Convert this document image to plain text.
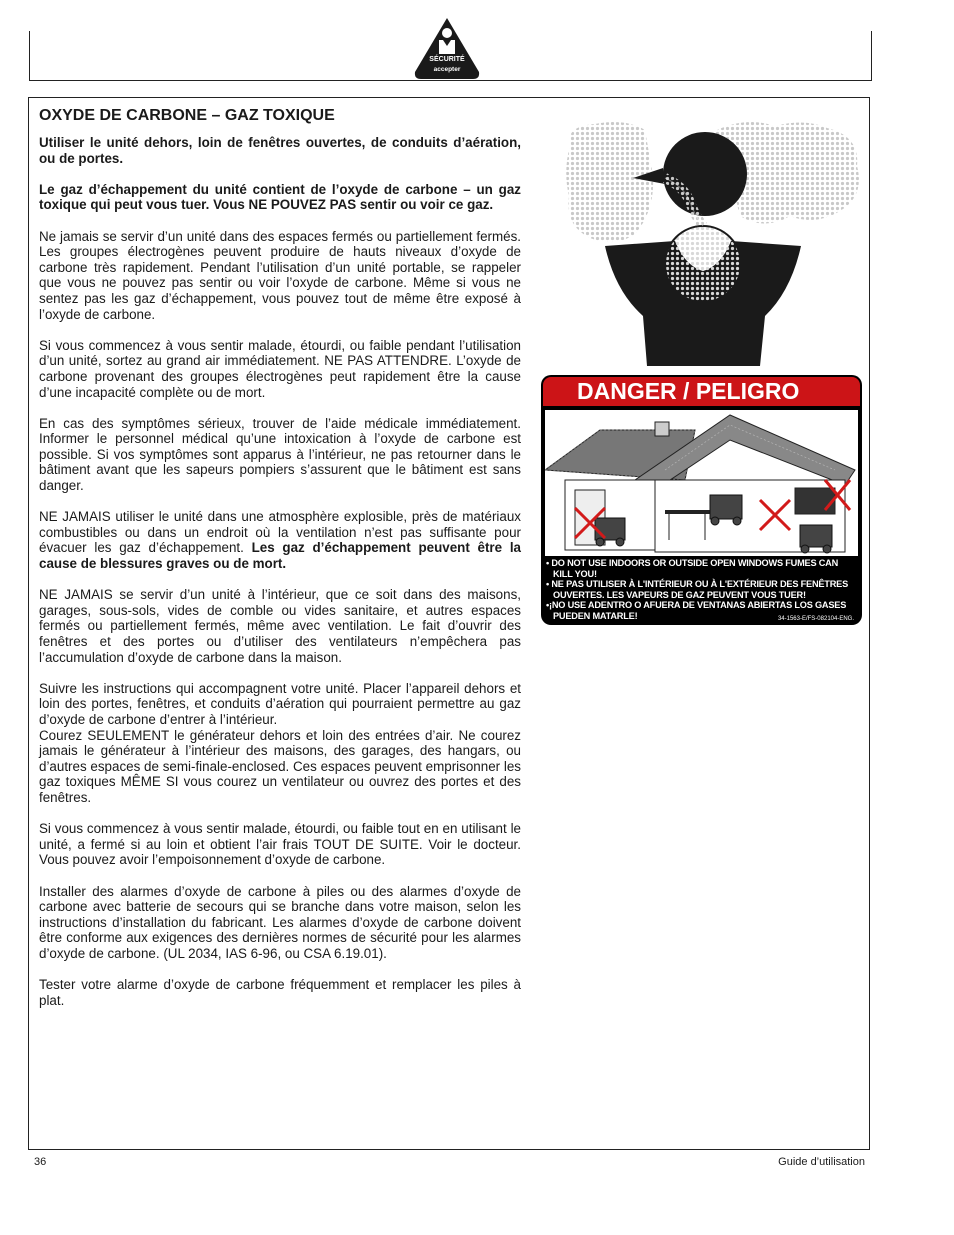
SÉCURITÉ
accepter
OXYDE DE CARBONE – GAZ TOXIQUE

Utiliser le unité dehors, loin de fenêtres ouvertes, de conduits d’aération, ou de portes.

Le gaz d’échappement du unité contient de l’oxyde de carbone – un gaz toxique qui peut vous tuer. Vous NE POUVEZ PAS sentir ou voir ce gaz.

Ne jamais se servir d’un unité dans des espaces fermés ou partiellement fermés. Les groupes électrogènes peuvent produire de hauts niveaux d’oxyde de carbone très rapidement. Pendant l’utilisation d’un unité portable, se rappeler que vous ne pouvez pas sentir ou voir l’oxyde de carbone. Même si vous ne sentez pas les gaz d’échappement, vous pouvez tout de même être exposé à l’oxyde de carbone.

Si vous commencez à vous sentir malade, étourdi, ou faible pendant l’utilisation d’un unité, sortez au grand air immédiatement. NE PAS ATTENDRE. L’oxyde de carbone provenant des groupes électrogènes peut rapidement être la cause d’une incapacité complète ou de mort.

En cas des symptômes sérieux, trouver de l’aide médicale immédiatement. Informer le personnel médical qu’une intoxication à l’oxyde de carbone est possible. Si vos symptômes sont apparus à l’intérieur, ne pas retourner dans le bâtiment avant que les sapeurs pompiers s’assurent que le bâtiment est sans danger.

NE JAMAIS utiliser le unité dans une atmosphère explosible, près de matériaux combustibles ou dans un endroit où la ventilation n’est pas suffisante pour évacuer les gaz d’échappement. Les gaz d’échappement peuvent être la cause de blessures graves ou de mort.

NE JAMAIS se servir d’un unité à l’intérieur, que ce soit dans des maisons, garages, sous-sols, vides de comble ou vides sanitaire, et autres espaces fermés ou partiellement fermés, même avec ventilation. Le fait d’ouvrir des fenêtres et des portes ou d’utiliser des ventilateurs n’empêchera pas l’accumulation d’oxyde de carbone dans la maison.

Suivre les instructions qui accompagnent votre unité. Placer l’appareil dehors et loin des portes, fenêtres, et conduits d’aération qui pourraient permettre au gaz d’oxyde de carbone d’entrer à l’intérieur.
Courez SEULEMENT le générateur dehors et loin des entrées d’air. Ne courez jamais le générateur à l’intérieur des maisons, des garages, des hangars, ou d’autres espaces de semi-finale-enclosed. Ces espaces peuvent emprisonner les gaz toxiques MÊME SI vous courez un ventilateur ou ouvrez des portes et des fenêtres.

Si vous commencez à vous sentir malade, étourdi, ou faible tout en en utilisant le unité, a fermé si au loin et obtient l’air frais TOUT DE SUITE. Voir le docteur. Vous pouvez avoir l’empoisonnement d’oxyde de carbone.

Installer des alarmes d’oxyde de carbone à piles ou des alarmes d’oxyde de carbone avec batterie de secours qui se branche dans votre maison, selon les instructions d’installation du fabricant. Les alarmes d’oxyde de carbone doivent être conforme aux exigences des dernières normes de sécurité pour les alarmes d’oxyde de carbone. (UL 2034, IAS 6-96, ou CSA 6.19.01).

Tester votre alarme d’oxyde de carbone fréquemment et remplacer les piles à plat.

DANGER / PELIGRO
• DO NOT USE INDOORS OR OUTSIDE OPEN WINDOWS FUMES CAN KILL YOU!
• NE PAS UTILISER À L'INTÉRIEUR OU À L'EXTÉRIEUR DES FENÊTRES OUVERTES. LES VAPEURS DE GAZ PEUVENT VOUS TUER!
•¡NO USE ADENTRO O AFUERA DE VENTANAS ABIERTAS LOS GASES PUEDEN MATARLE!	34-1563-E/FS-082104-ENG.
36	Guide d’utilisation
